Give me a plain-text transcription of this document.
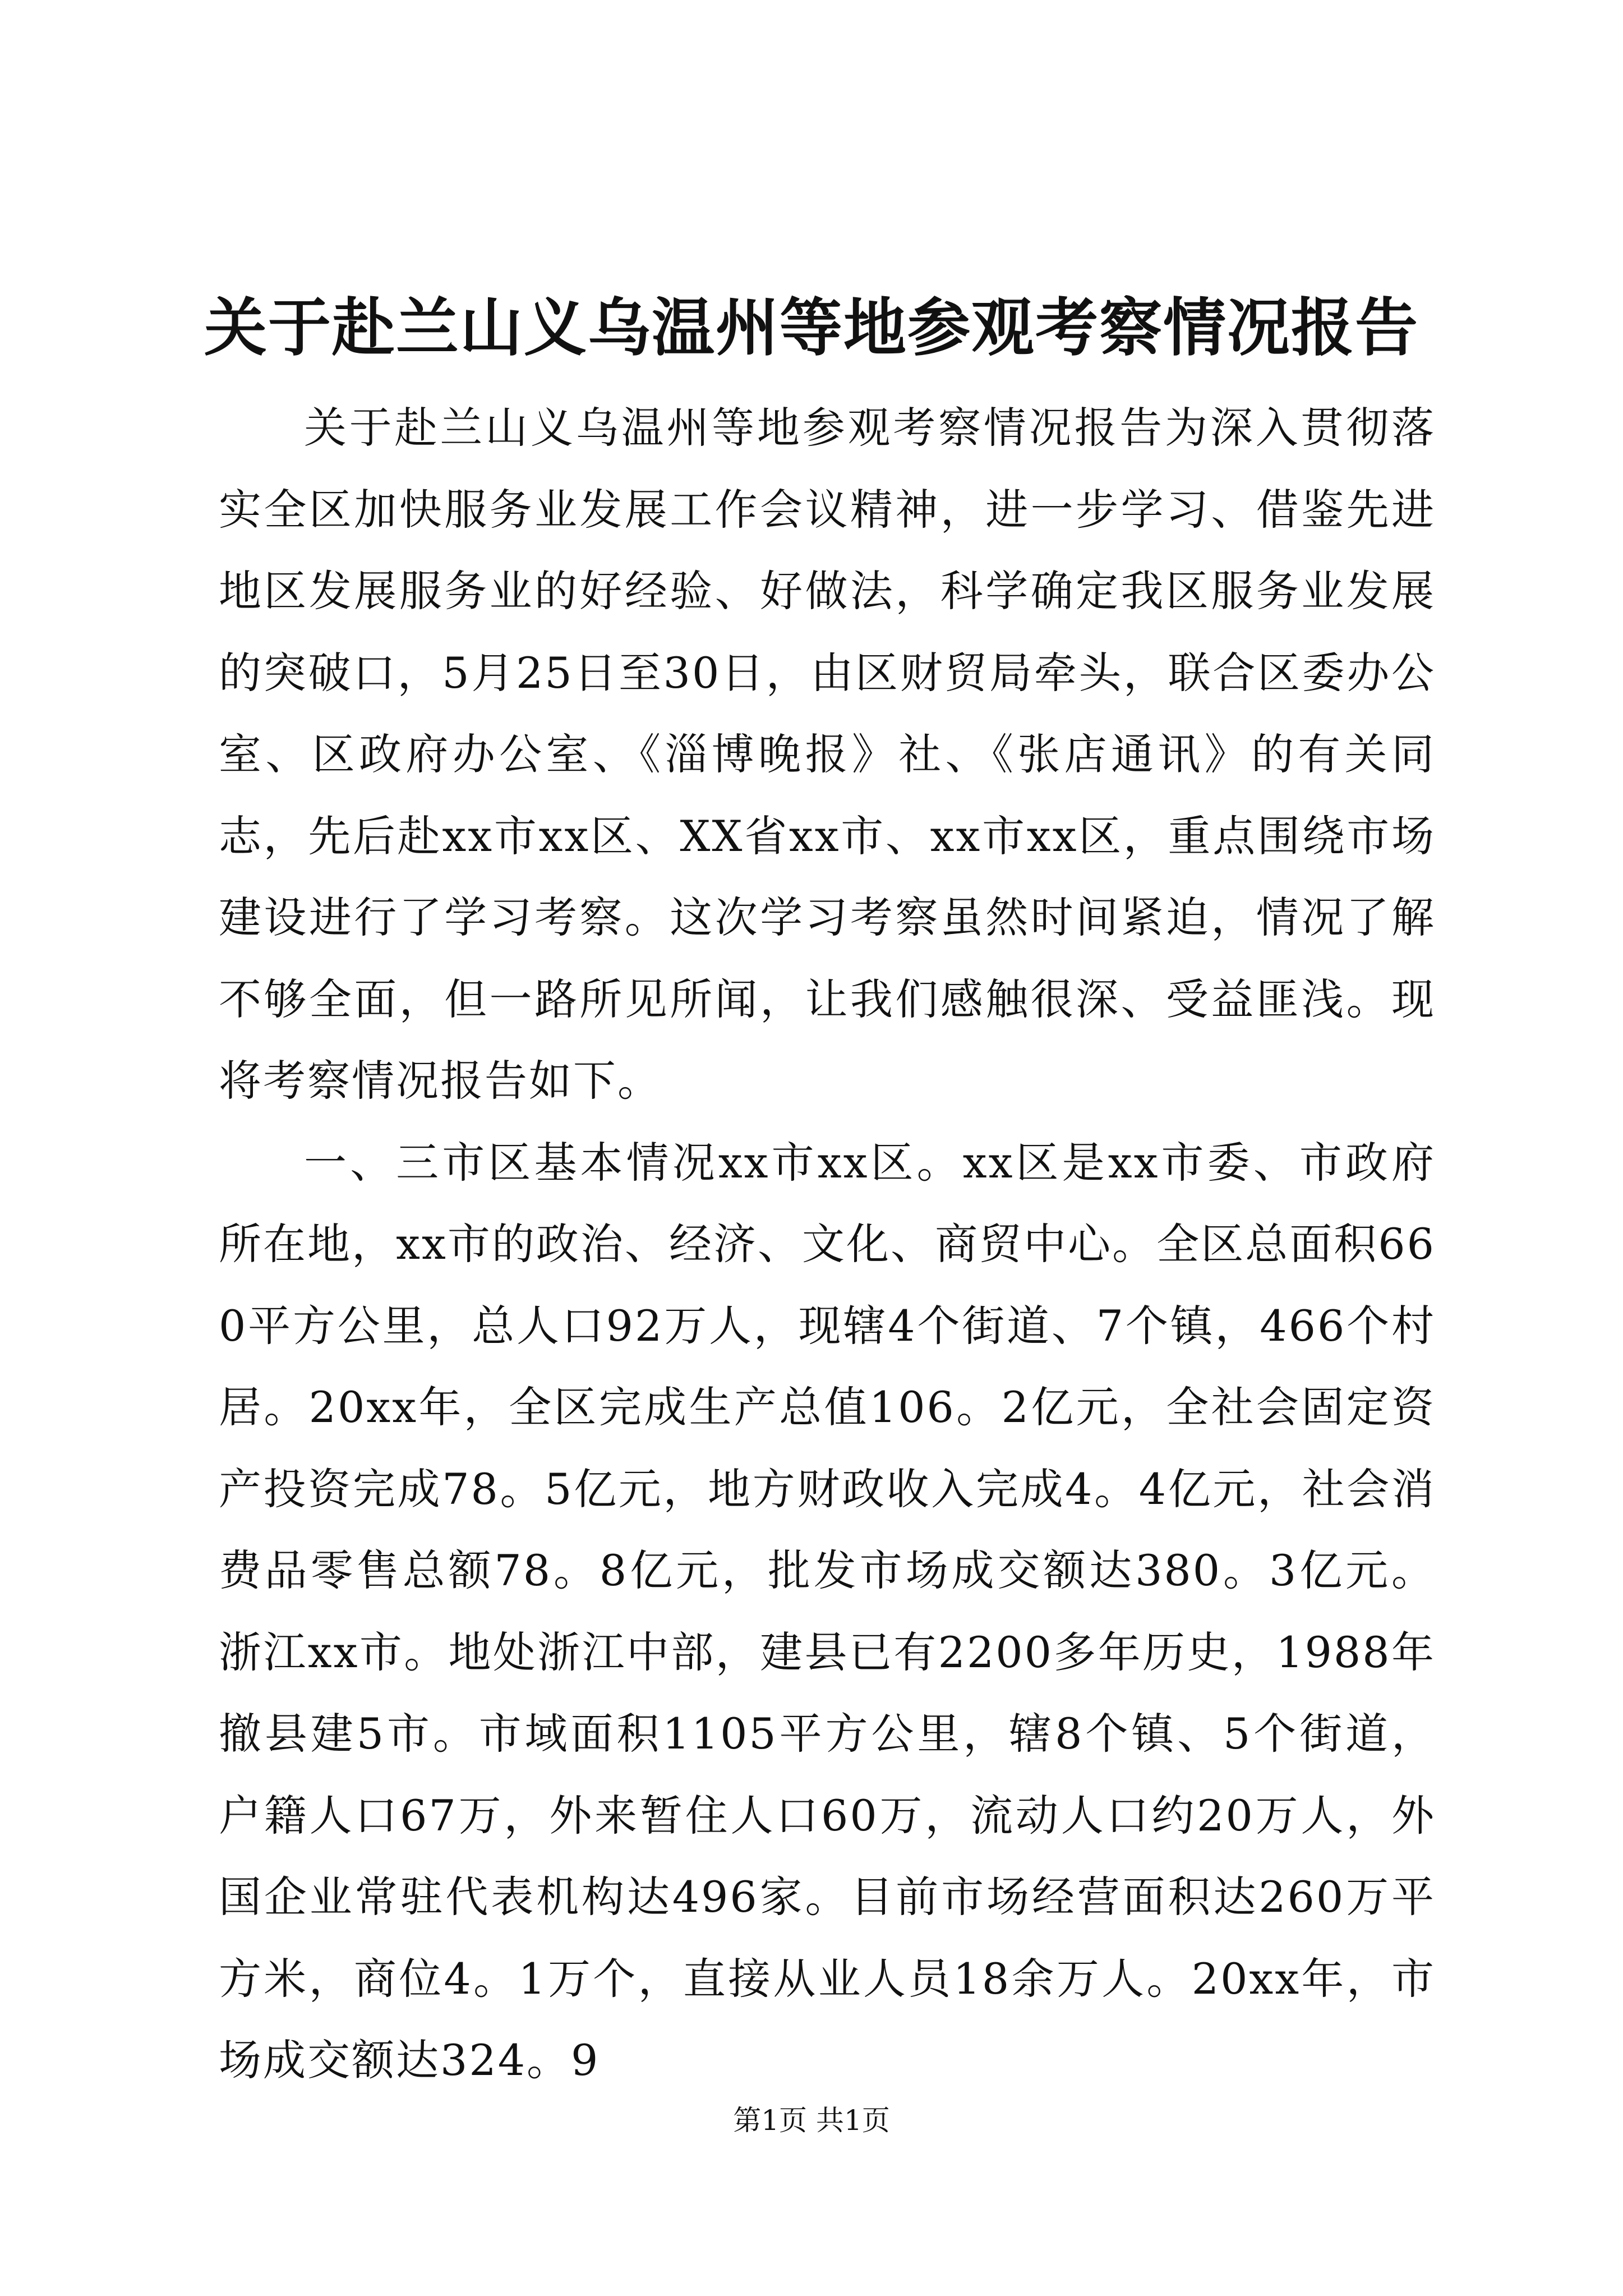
关于赴兰山义乌温州等地参观考察情况报告

关于赴兰山义乌温州等地参观考察情况报告为深入贯彻落实全区加快服务业发展工作会议精神，进一步学习、借鉴先进地区发展服务业的好经验、好做法，科学确定我区服务业发展的突破口，5月25日至30日，由区财贸局牵头，联合区委办公室、区政府办公室、《淄博晚报》社、《张店通讯》的有关同志，先后赴xx市xx区、XX省xx市、xx市xx区，重点围绕市场建设进行了学习考察。这次学习考察虽然时间紧迫，情况了解不够全面，但一路所见所闻，让我们感触很深、受益匪浅。现将考察情况报告如下。

一、三市区基本情况xx市xx区。xx区是xx市委、市政府所在地，xx市的政治、经济、文化、商贸中心。全区总面积660平方公里，总人口92万人，现辖4个街道、7个镇，466个村居。20xx年，全区完成生产总值106。2亿元，全社会固定资产投资完成78。5亿元，地方财政收入完成4。4亿元，社会消费品零售总额78。8亿元，批发市场成交额达380。3亿元。浙江xx市。地处浙江中部，建县已有2200多年历史，1988年撤县建5市。市域面积1105平方公里，辖8个镇、5个街道，户籍人口67万，外来暂住人口60万，流动人口约20万人，外国企业常驻代表机构达496家。目前市场经营面积达260万平方米，商位4。1万个，直接从业人员18余万人。20xx年，市场成交额达324。9

第1页 共1页
